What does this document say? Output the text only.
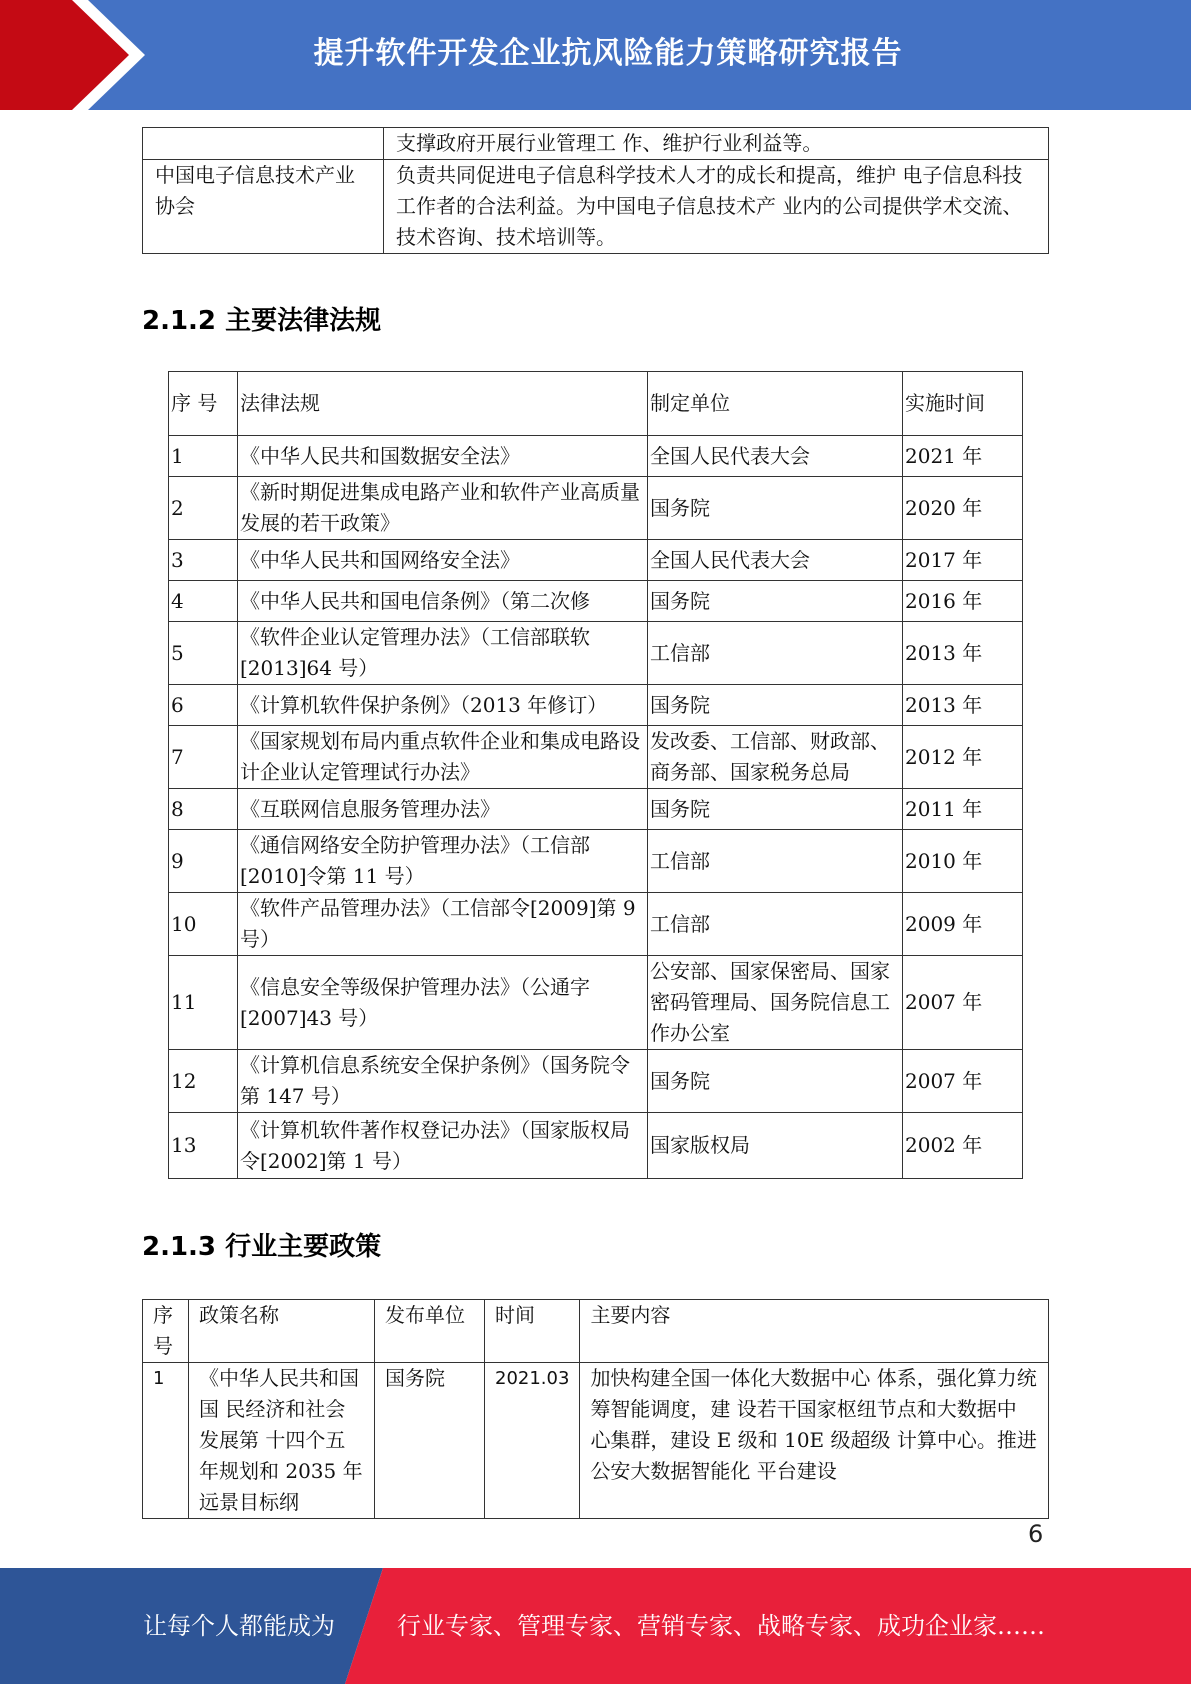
提升软件开发企业抗风险能力策略研究报告
	支撑政府开展行业管理工 作、维护行业利益等。
中国电子信息技术产业协会	负责共同促进电子信息科学技术人才的成长和提高，维护 电子信息科技工作者的合法利益。为中国电子信息技术产 业内的公司提供学术交流、技术咨询、技术培训等。
2.1.2 主要法律法规
序 号	法律法规	制定单位	实施时间
1	《中华人民共和国数据安全法》	全国人民代表大会	2021 年
2	《新时期促进集成电路产业和软件产业高质量发展的若干政策》	国务院	2020 年
3	《中华人民共和国网络安全法》	全国人民代表大会	2017 年
4	《中华人民共和国电信条例》（第二次修	国务院	2016 年
5	《软件企业认定管理办法》（工信部联软[2013]64 号）	工信部	2013 年
6	《计算机软件保护条例》（2013 年修订）	国务院	2013 年
7	《国家规划布局内重点软件企业和集成电路设计企业认定管理试行办法》	发改委、工信部、财政部、商务部、国家税务总局	2012 年
8	《互联网信息服务管理办法》	国务院	2011 年
9	《通信网络安全防护管理办法》（工信部[2010]令第 11 号）	工信部	2010 年
10	《软件产品管理办法》（工信部令[2009]第 9 号）	工信部	2009 年
11	《信息安全等级保护管理办法》（公通字[2007]43 号）	公安部、国家保密局、国家密码管理局、国务院信息工作办公室	2007 年
12	《计算机信息系统安全保护条例》（国务院令第 147 号）	国务院	2007 年
13	《计算机软件著作权登记办法》（国家版权局令[2002]第 1 号）	国家版权局	2002 年
2.1.3 行业主要政策
序号	政策名称	发布单位	时间	主要内容
1	《中华人民共和国国 民经济和社会发展第 十四个五年规划和 2035 年远景目标纲	国务院	2021.03	加快构建全国一体化大数据中心 体系，强化算力统筹智能调度，建 设若干国家枢纽节点和大数据中 心集群，建设 E 级和 10E 级超级 计算中心。推进公安大数据智能化 平台建设
6
让每个人都能成为	行业专家、管理专家、营销专家、战略专家、成功企业家……
